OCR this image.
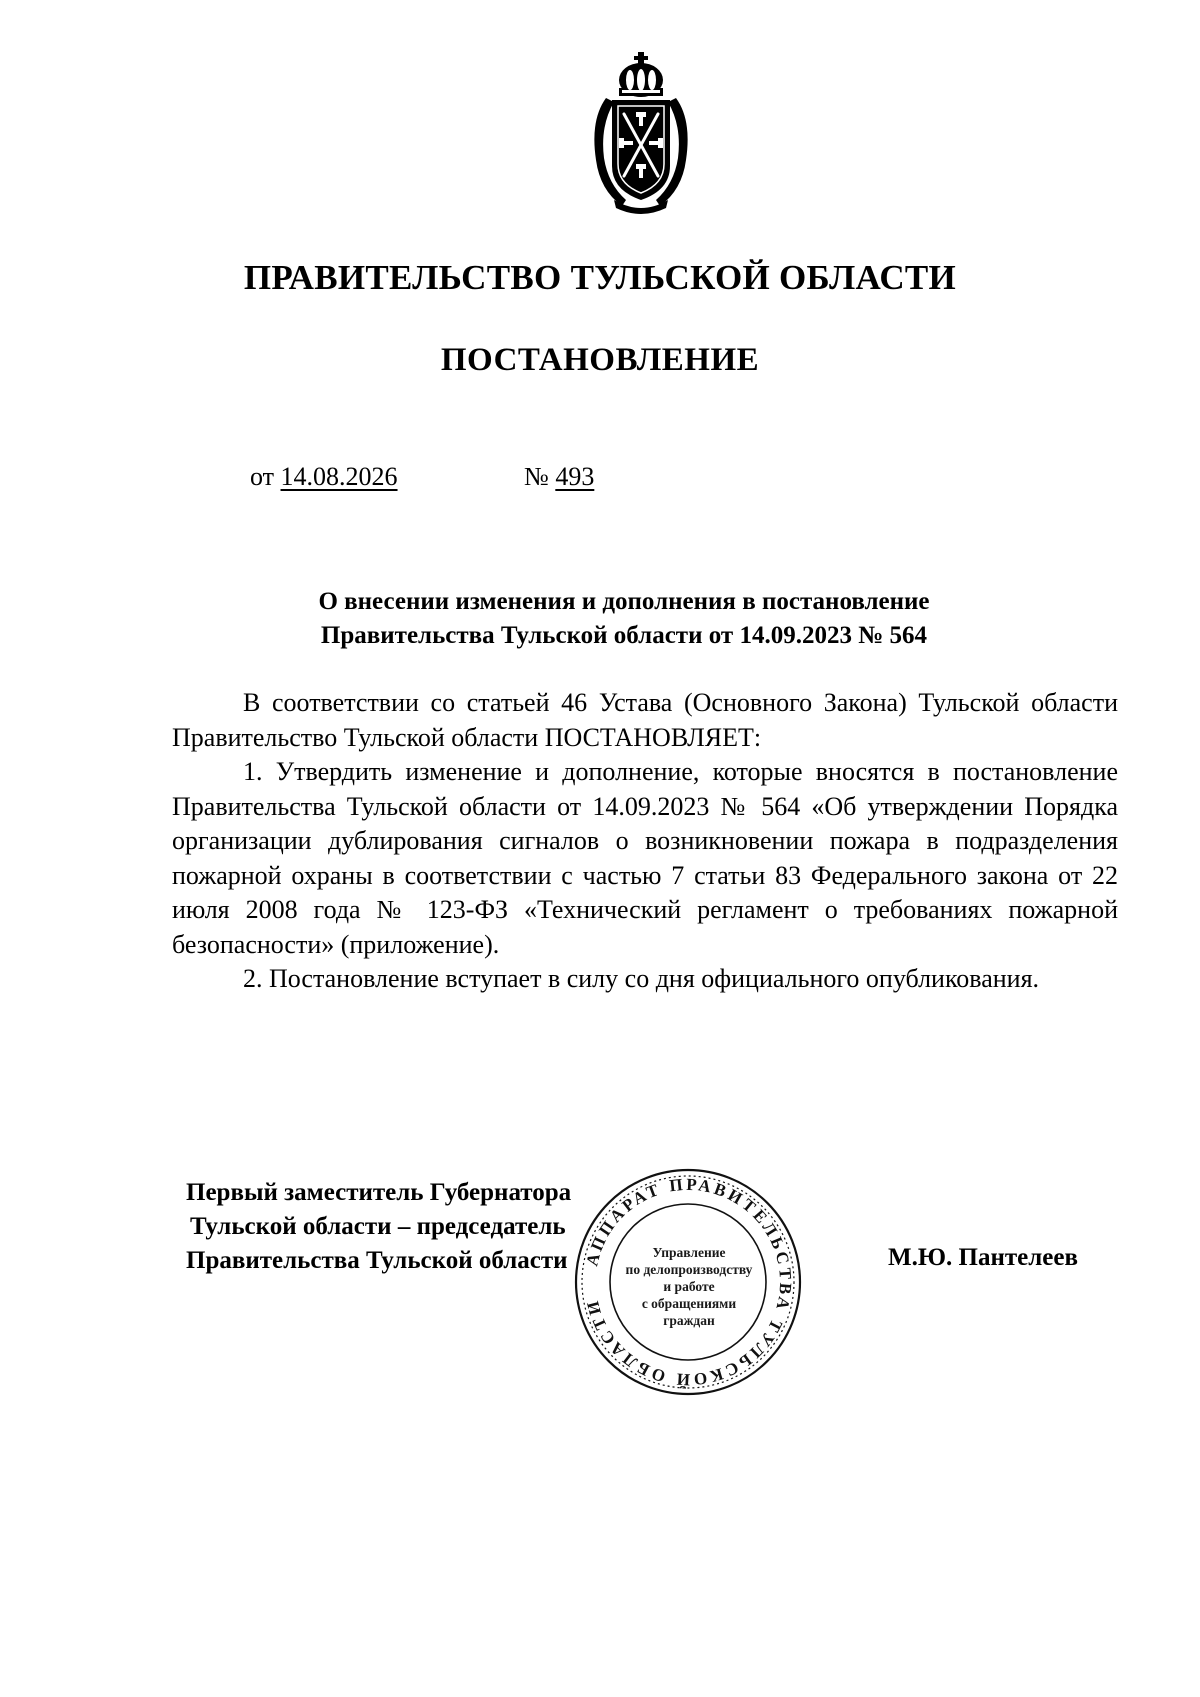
ПРАВИТЕЛЬСТВО ТУЛЬСКОЙ ОБЛАСТИ
ПОСТАНОВЛЕНИЕ
от 14.08.2026	№ 493
О внесении изменения и дополнения в постановление
Правительства Тульской области от 14.09.2023 № 564

В соответствии со статьей 46 Устава (Основного Закона) Тульской области Правительство Тульской области ПОСТАНОВЛЯЕТ:

1. Утвердить изменение и дополнение, которые вносятся в постановление Правительства Тульской области от 14.09.2023 № 564 «Об утверждении Порядка организации дублирования сигналов о возникновении пожара в подразделения пожарной охраны в соответствии с частью 7 статьи 83 Федерального закона от 22 июля 2008 года № 123-ФЗ «Технический регламент о требованиях пожарной безопасности» (приложение).

2. Постановление вступает в силу со дня официального опубликования.

Первый заместитель Губернатора
Тульской области – председатель
Правительства Тульской области	М.Ю. Пантелеев
АППАРАТ ПРАВИТЕЛЬСТВА ТУЛЬСКОЙ ОБЛАСТИ
Управление
по делопроизводству
и работе
с обращениями
граждан
